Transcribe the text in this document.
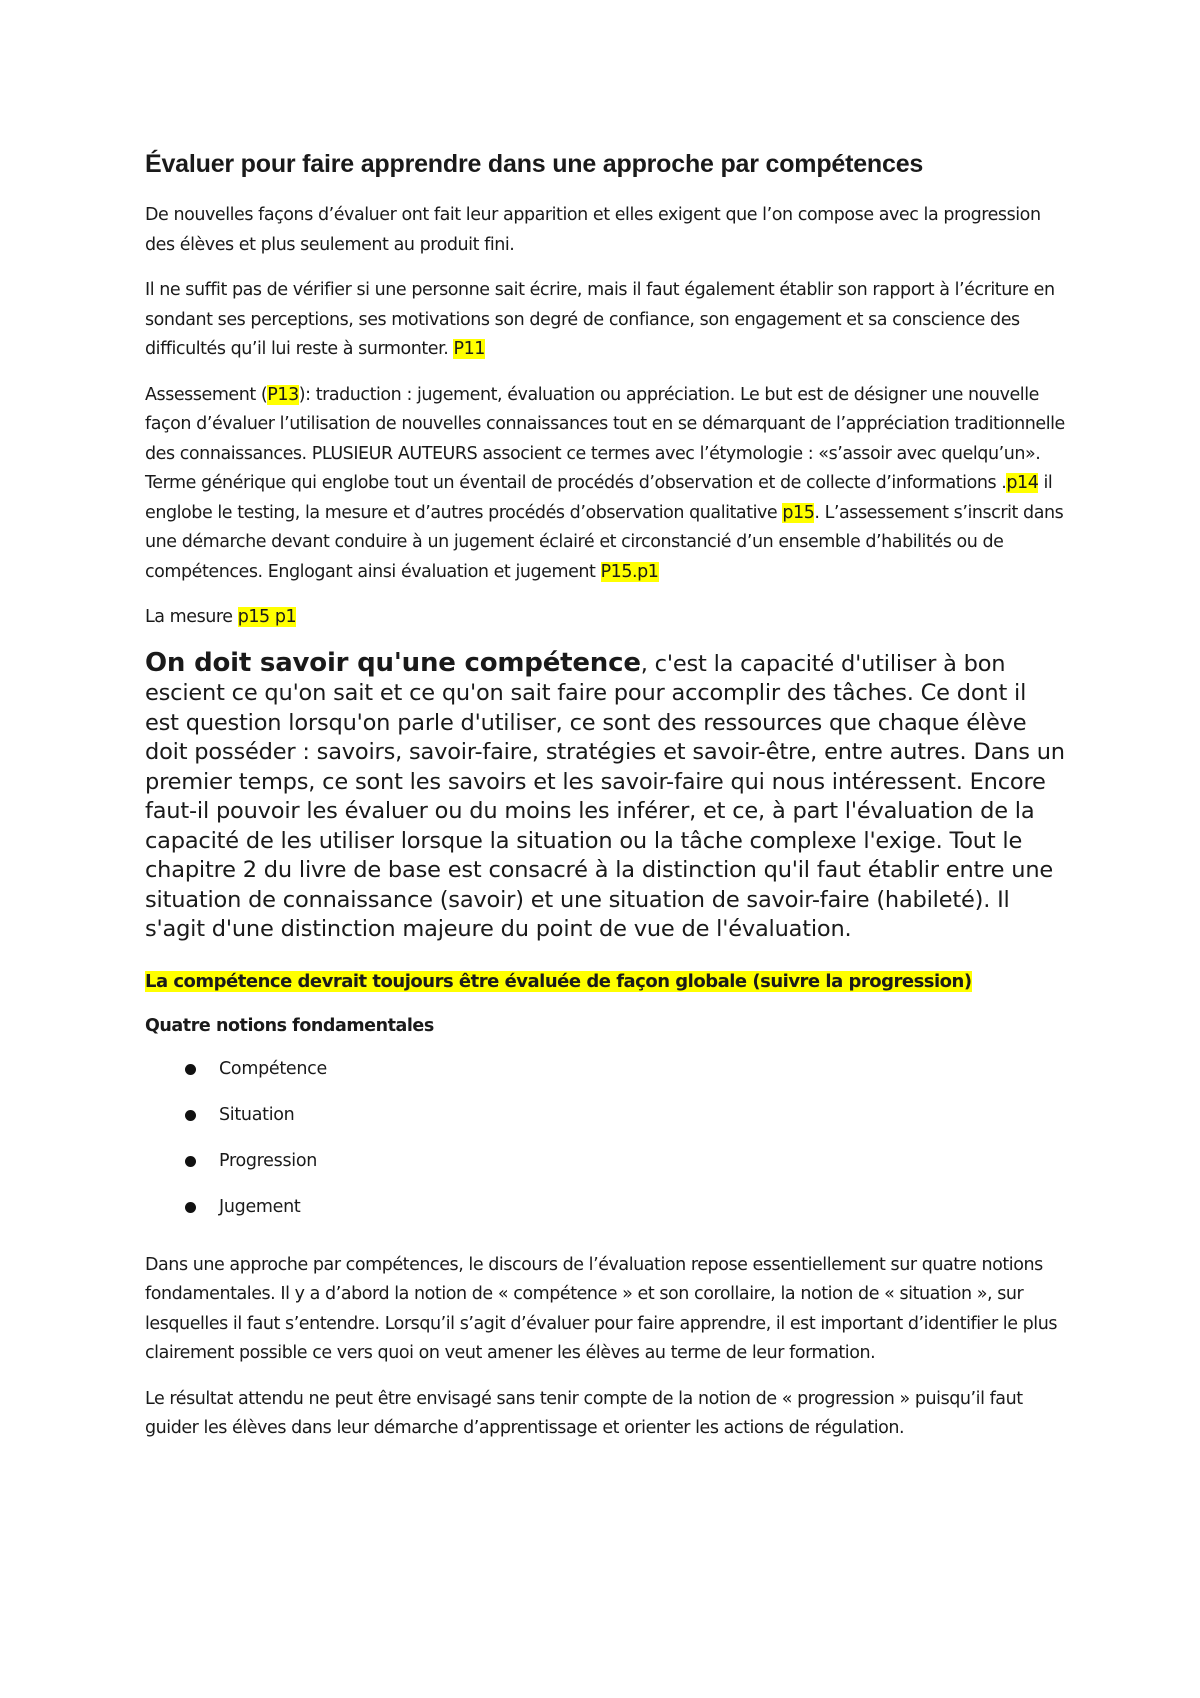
Évaluer pour faire apprendre dans une approche par compétences

De nouvelles façons d’évaluer ont fait leur apparition et elles exigent que l’on compose avec la progression des élèves et plus seulement au produit fini.

Il ne suffit pas de vérifier si une personne sait écrire, mais il faut également établir son rapport à l’écriture en sondant ses perceptions, ses motivations son degré de confiance, son engagement et sa conscience des difficultés qu’il lui reste à surmonter. P11

Assessement (P13): traduction : jugement, évaluation ou appréciation. Le but est de désigner une nouvelle façon d’évaluer l’utilisation de nouvelles connaissances tout en se démarquant de l’appréciation traditionnelle des connaissances. PLUSIEUR AUTEURS associent ce termes avec l’étymologie : «s’assoir avec quelqu’un». Terme générique qui englobe tout un éventail de procédés d’observation et de collecte d’informations .p14 il englobe le testing, la mesure et d’autres procédés d’observation qualitative p15. L’assessement s’inscrit dans une démarche devant conduire à un jugement éclairé et circonstancié d’un ensemble d’habilités ou de compétences. Englogant ainsi évaluation et jugement P15.p1

La mesure p15 p1

On doit savoir qu'une compétence, c'est la capacité d'utiliser à bon escient ce qu'on sait et ce qu'on sait faire pour accomplir des tâches. Ce dont il est question lorsqu'on parle d'utiliser, ce sont des ressources que chaque élève doit posséder : savoirs, savoir-faire, stratégies et savoir-être, entre autres. Dans un premier temps, ce sont les savoirs et les savoir-faire qui nous intéressent. Encore faut-il pouvoir les évaluer ou du moins les inférer, et ce, à part l'évaluation de la capacité de les utiliser lorsque la situation ou la tâche complexe l'exige. Tout le chapitre 2 du livre de base est consacré à la distinction qu'il faut établir entre une situation de connaissance (savoir) et une situation de savoir-faire (habileté). Il s'agit d'une distinction majeure du point de vue de l'évaluation.

La compétence devrait toujours être évaluée de façon globale (suivre la progression)

Quatre notions fondamentales

Compétence
Situation
Progression
Jugement

Dans une approche par compétences, le discours de l’évaluation repose essentiellement sur quatre notions fondamentales. Il y a d’abord la notion de « compétence » et son corollaire, la notion de « situation », sur lesquelles il faut s’entendre. Lorsqu’il s’agit d’évaluer pour faire apprendre, il est important d’identifier le plus clairement possible ce vers quoi on veut amener les élèves au terme de leur formation.

Le résultat attendu ne peut être envisagé sans tenir compte de la notion de « progression » puisqu’il faut guider les élèves dans leur démarche d’apprentissage et orienter les actions de régulation.
